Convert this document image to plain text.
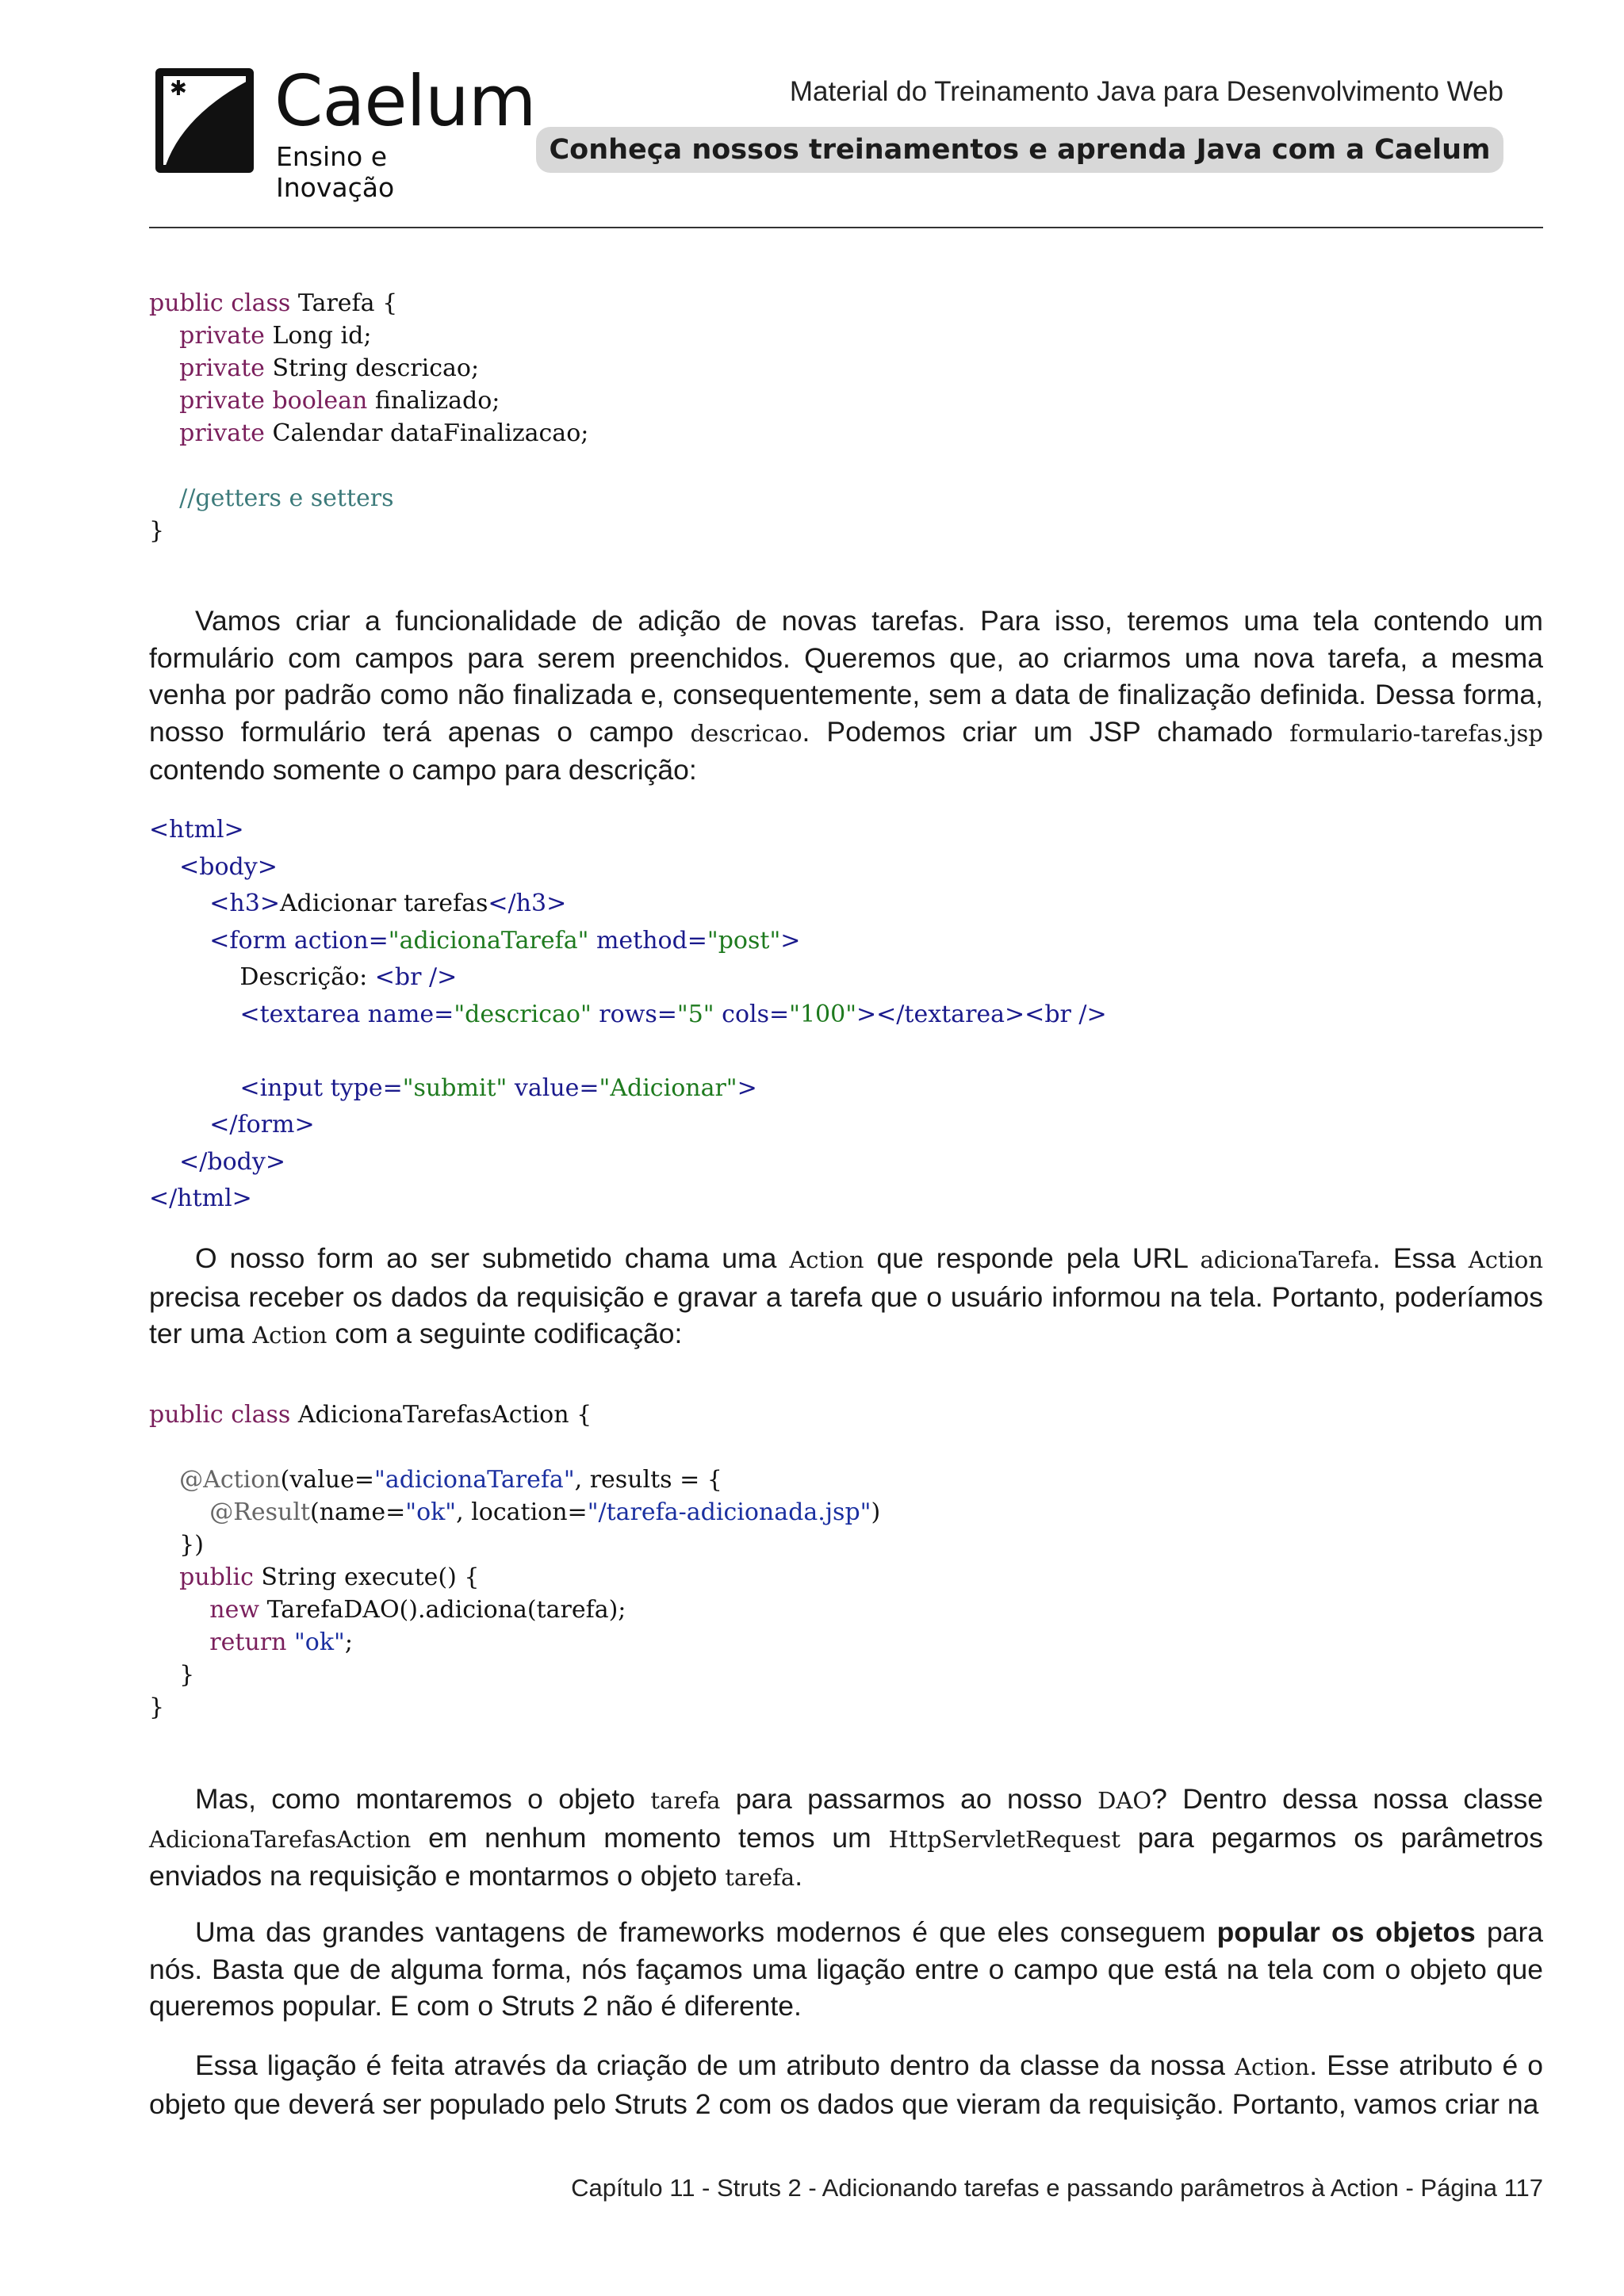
✱ Caelum
Ensino e Inovação
Material do Treinamento Java para Desenvolvimento Web
Conheça nossos treinamentos e aprenda Java com a Caelum
public class Tarefa {
private Long id;
private String descricao;
private boolean finalizado;
private Calendar dataFinalizacao;

//getters e setters
}

Vamos criar a funcionalidade de adição de novas tarefas. Para isso, teremos uma tela contendo um formulário com campos para serem preenchidos. Queremos que, ao criarmos uma nova tarefa, a mesma venha por padrão como não finalizada e, consequentemente, sem a data de finalização definida. Dessa forma, nosso formulário terá apenas o campo descricao. Podemos criar um JSP chamado formulario-tarefas.jsp contendo somente o campo para descrição:

<html>
<body>
<h3>Adicionar tarefas</h3>
<form action="adicionaTarefa" method="post">
Descrição: <br />
<textarea name="descricao" rows="5" cols="100"></textarea><br />

<input type="submit" value="Adicionar">
</form>
</body>
</html>

O nosso form ao ser submetido chama uma Action que responde pela URL adicionaTarefa. Essa Action precisa receber os dados da requisição e gravar a tarefa que o usuário informou na tela. Portanto, poderíamos ter uma Action com a seguinte codificação:

public class AdicionaTarefasAction {

@Action(value="adicionaTarefa", results = {
@Result(name="ok", location="/tarefa-adicionada.jsp")
})
public String execute() {
new TarefaDAO().adiciona(tarefa);
return "ok";
}
}

Mas, como montaremos o objeto tarefa para passarmos ao nosso DAO? Dentro dessa nossa classe AdicionaTarefasAction em nenhum momento temos um HttpServletRequest para pegarmos os parâmetros enviados na requisição e montarmos o objeto tarefa.

Uma das grandes vantagens de frameworks modernos é que eles conseguem popular os objetos para nós. Basta que de alguma forma, nós façamos uma ligação entre o campo que está na tela com o objeto que queremos popular. E com o Struts 2 não é diferente.

Essa ligação é feita através da criação de um atributo dentro da classe da nossa Action. Esse atributo é o objeto que deverá ser populado pelo Struts 2 com os dados que vieram da requisição. Portanto, vamos criar na

Capítulo 11 - Struts 2 - Adicionando tarefas e passando parâmetros à Action - Página 117
